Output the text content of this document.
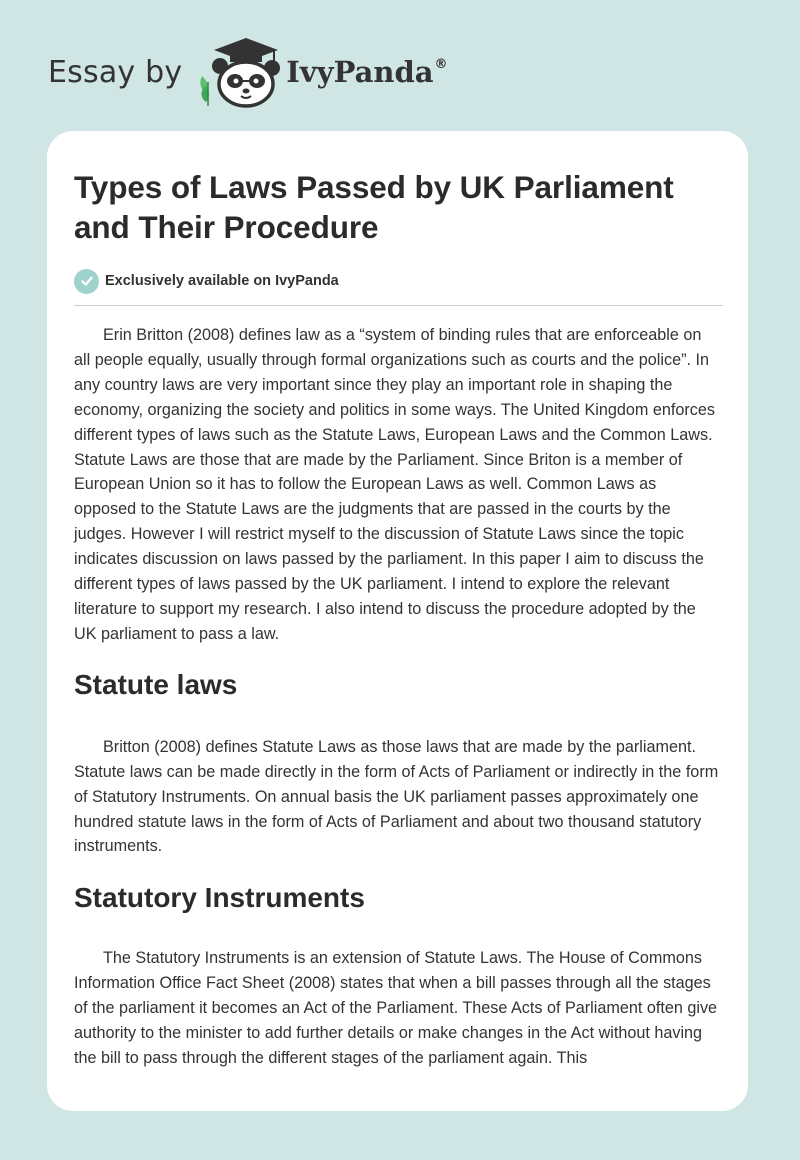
Essay by	IvyPanda®
Types of Laws Passed by UK Parliament and Their Procedure
Exclusively available on IvyPanda

Erin Britton (2008) defines law as a “system of binding rules that are enforceable on all people equally, usually through formal organizations such as courts and the police”. In any country laws are very important since they play an important role in shaping the economy, organizing the society and politics in some ways. The United Kingdom enforces different types of laws such as the Statute Laws, European Laws and the Common Laws. Statute Laws are those that are made by the Parliament. Since Briton is a member of European Union so it has to follow the European Laws as well. Common Laws as opposed to the Statute Laws are the judgments that are passed in the courts by the judges. However I will restrict myself to the discussion of Statute Laws since the topic indicates discussion on laws passed by the parliament. In this paper I aim to discuss the different types of laws passed by the UK parliament. I intend to explore the relevant literature to support my research. I also intend to discuss the procedure adopted by the UK parliament to pass a law.

Statute laws

Britton (2008) defines Statute Laws as those laws that are made by the parliament. Statute laws can be made directly in the form of Acts of Parliament or indirectly in the form of Statutory Instruments. On annual basis the UK parliament passes approximately one hundred statute laws in the form of Acts of Parliament and about two thousand statutory instruments.

Statutory Instruments

The Statutory Instruments is an extension of Statute Laws. The House of Commons Information Office Fact Sheet (2008) states that when a bill passes through all the stages of the parliament it becomes an Act of the Parliament. These Acts of Parliament often give authority to the minister to add further details or make changes in the Act without having the bill to pass through the different stages of the parliament again. This
